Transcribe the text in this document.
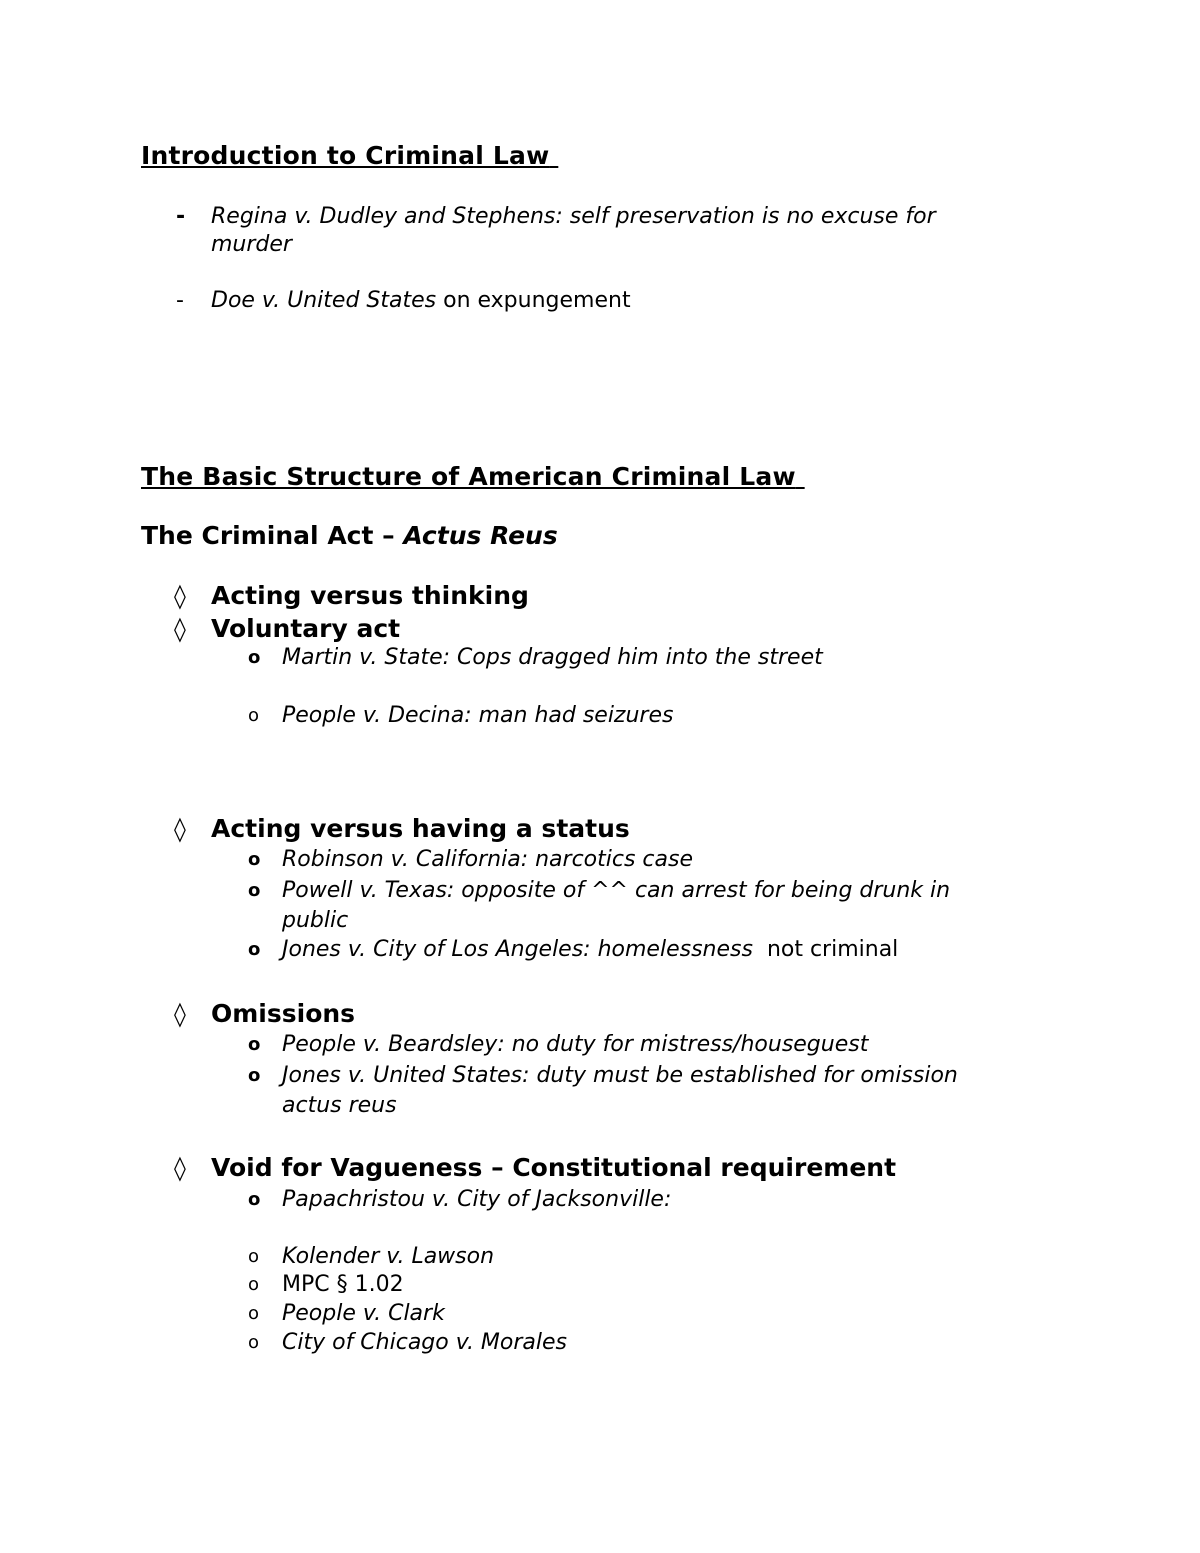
Introduction to Criminal Law
- Regina v. Dudley and Stephens: self preservation is no excuse for
murder
- Doe v. United States on expungement
The Basic Structure of American Criminal Law
The Criminal Act – Actus Reus
◊ Acting versus thinking
◊ Voluntary act
o Martin v. State: Cops dragged him into the street
o People v. Decina: man had seizures
◊ Acting versus having a status
o Robinson v. California: narcotics case
o Powell v. Texas: opposite of ^^ can arrest for being drunk in
public
o Jones v. City of Los Angeles: homelessness not criminal
◊ Omissions
o People v. Beardsley: no duty for mistress/houseguest
o Jones v. United States: duty must be established for omission
actus reus
◊ Void for Vagueness – Constitutional requirement
o Papachristou v. City of Jacksonville:
o Kolender v. Lawson
o MPC § 1.02
o People v. Clark
o City of Chicago v. Morales
